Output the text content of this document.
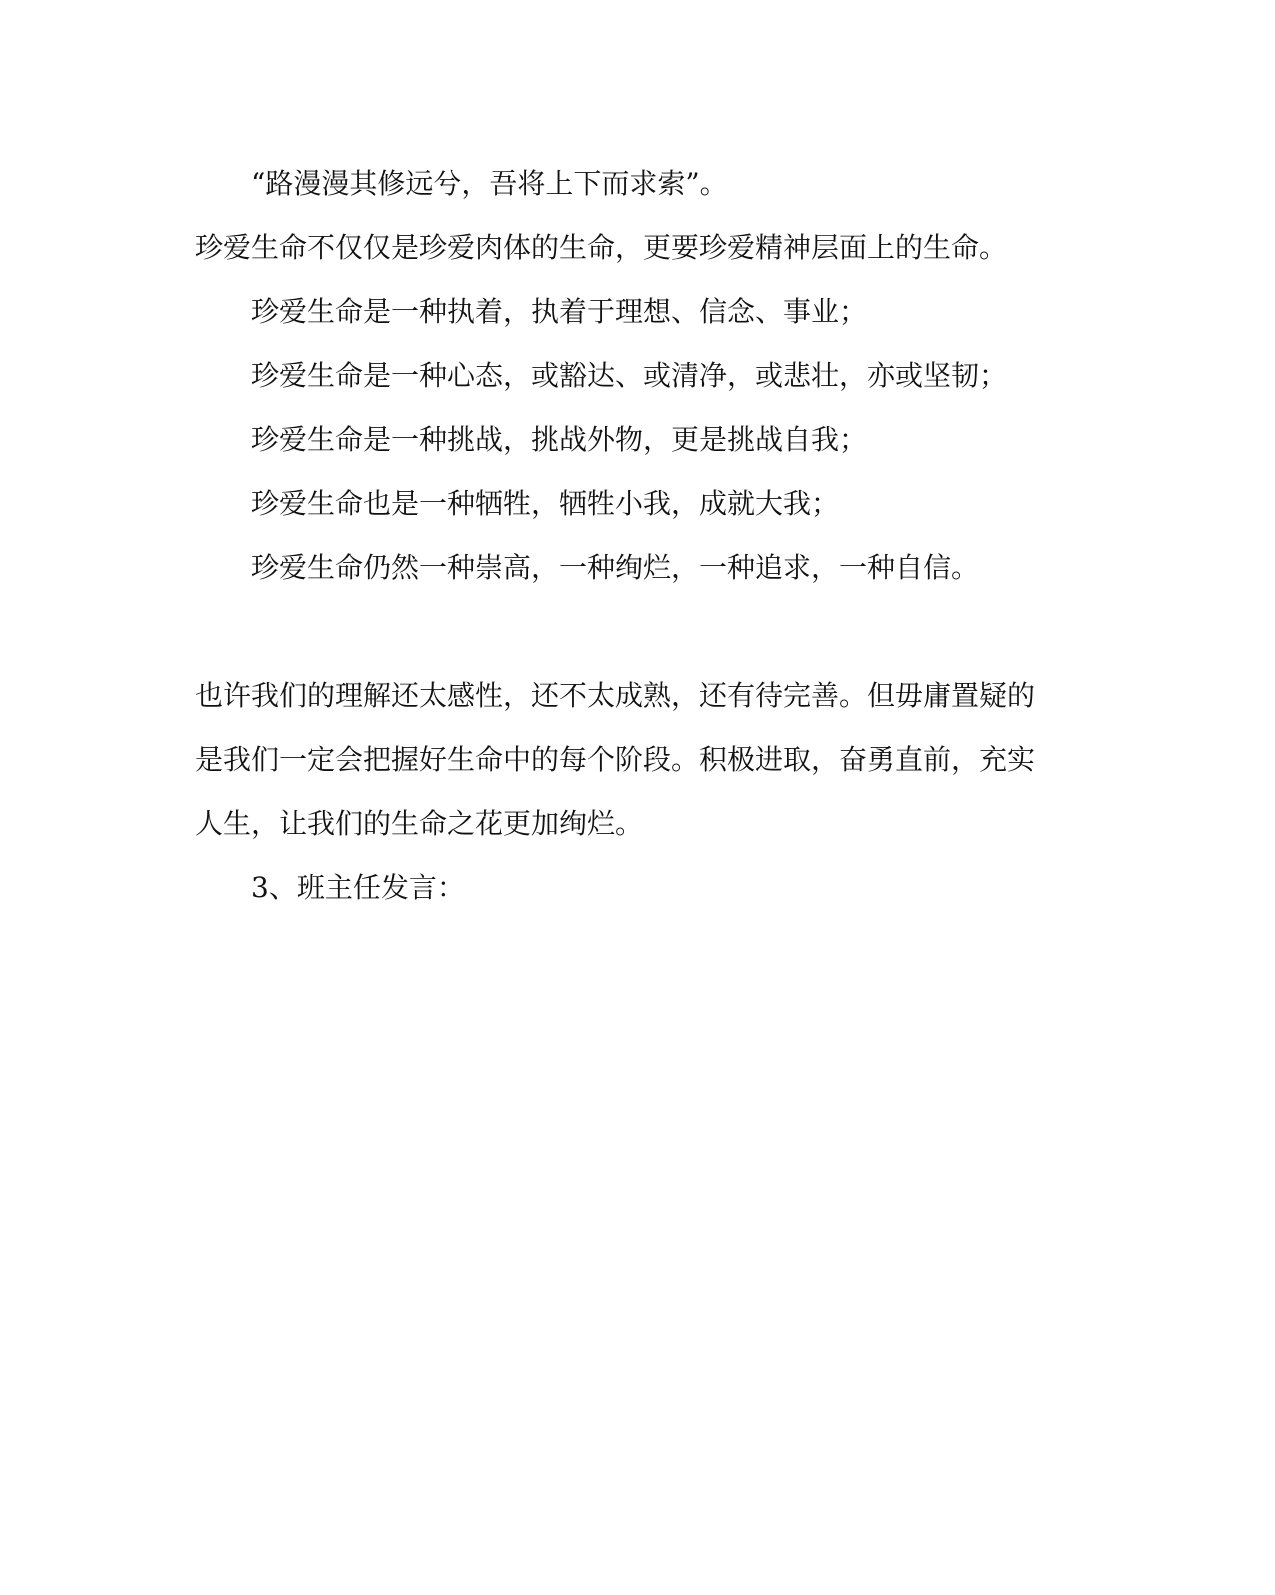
“路漫漫其修远兮，吾将上下而求索”。
珍爱生命不仅仅是珍爱肉体的生命，更要珍爱精神层面上的生命。
珍爱生命是一种执着，执着于理想、信念、事业；
珍爱生命是一种心态，或豁达、或清净，或悲壮，亦或坚韧；
珍爱生命是一种挑战，挑战外物，更是挑战自我；
珍爱生命也是一种牺牲，牺牲小我，成就大我；
珍爱生命仍然一种崇高，一种绚烂，一种追求，一种自信。
也许我们的理解还太感性，还不太成熟，还有待完善。但毋庸置疑的
是我们一定会把握好生命中的每个阶段。积极进取，奋勇直前，充实
人生，让我们的生命之花更加绚烂。
3、班主任发言：
